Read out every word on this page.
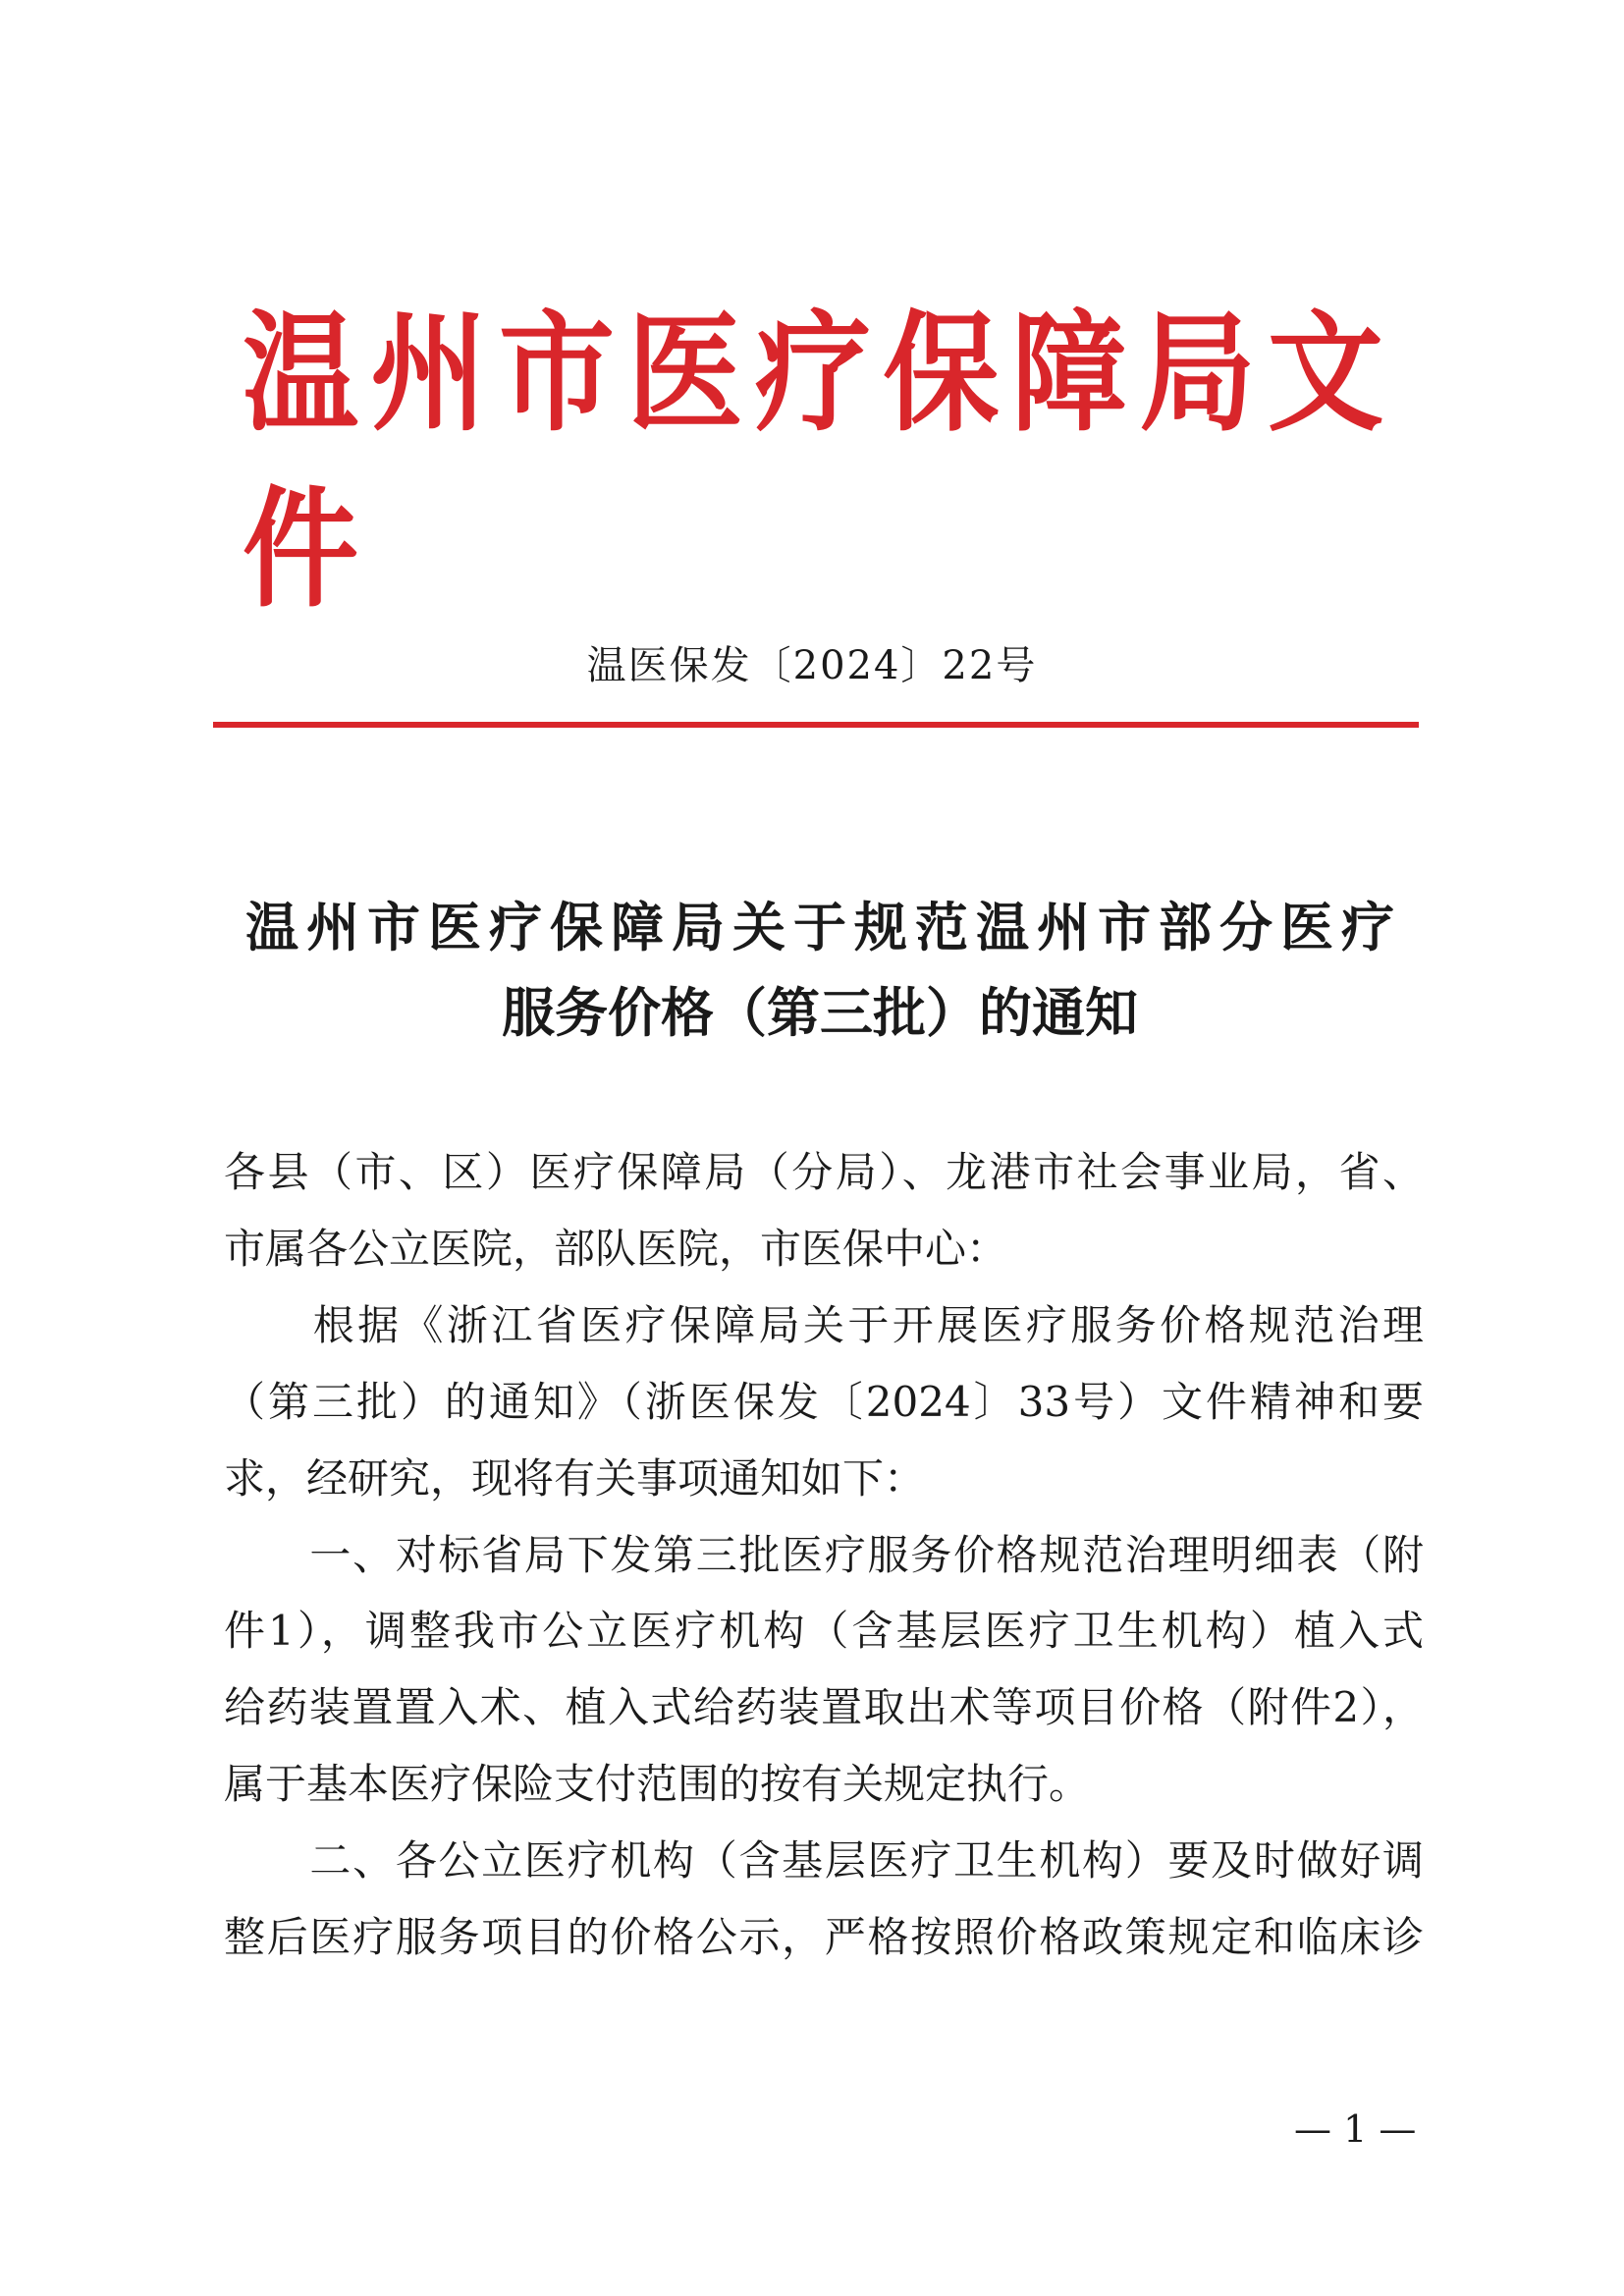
温州市医疗保障局文件
温医保发〔2024〕22号
温州市医疗保障局关于规范温州市部分医疗
服务价格（第三批）的通知
各县（市、区）医疗保障局（分局）、龙港市社会事业局，省、
市属各公立医院，部队医院，市医保中心：
　　根据《浙江省医疗保障局关于开展医疗服务价格规范治理
（第三批）的通知》（浙医保发〔2024〕33号）文件精神和要
求，经研究，现将有关事项通知如下：
　　一、对标省局下发第三批医疗服务价格规范治理明细表（附
件1），调整我市公立医疗机构（含基层医疗卫生机构）植入式
给药装置置入术、植入式给药装置取出术等项目价格（附件2），
属于基本医疗保险支付范围的按有关规定执行。
　　二、各公立医疗机构（含基层医疗卫生机构）要及时做好调
整后医疗服务项目的价格公示，严格按照价格政策规定和临床诊
— 1 —
